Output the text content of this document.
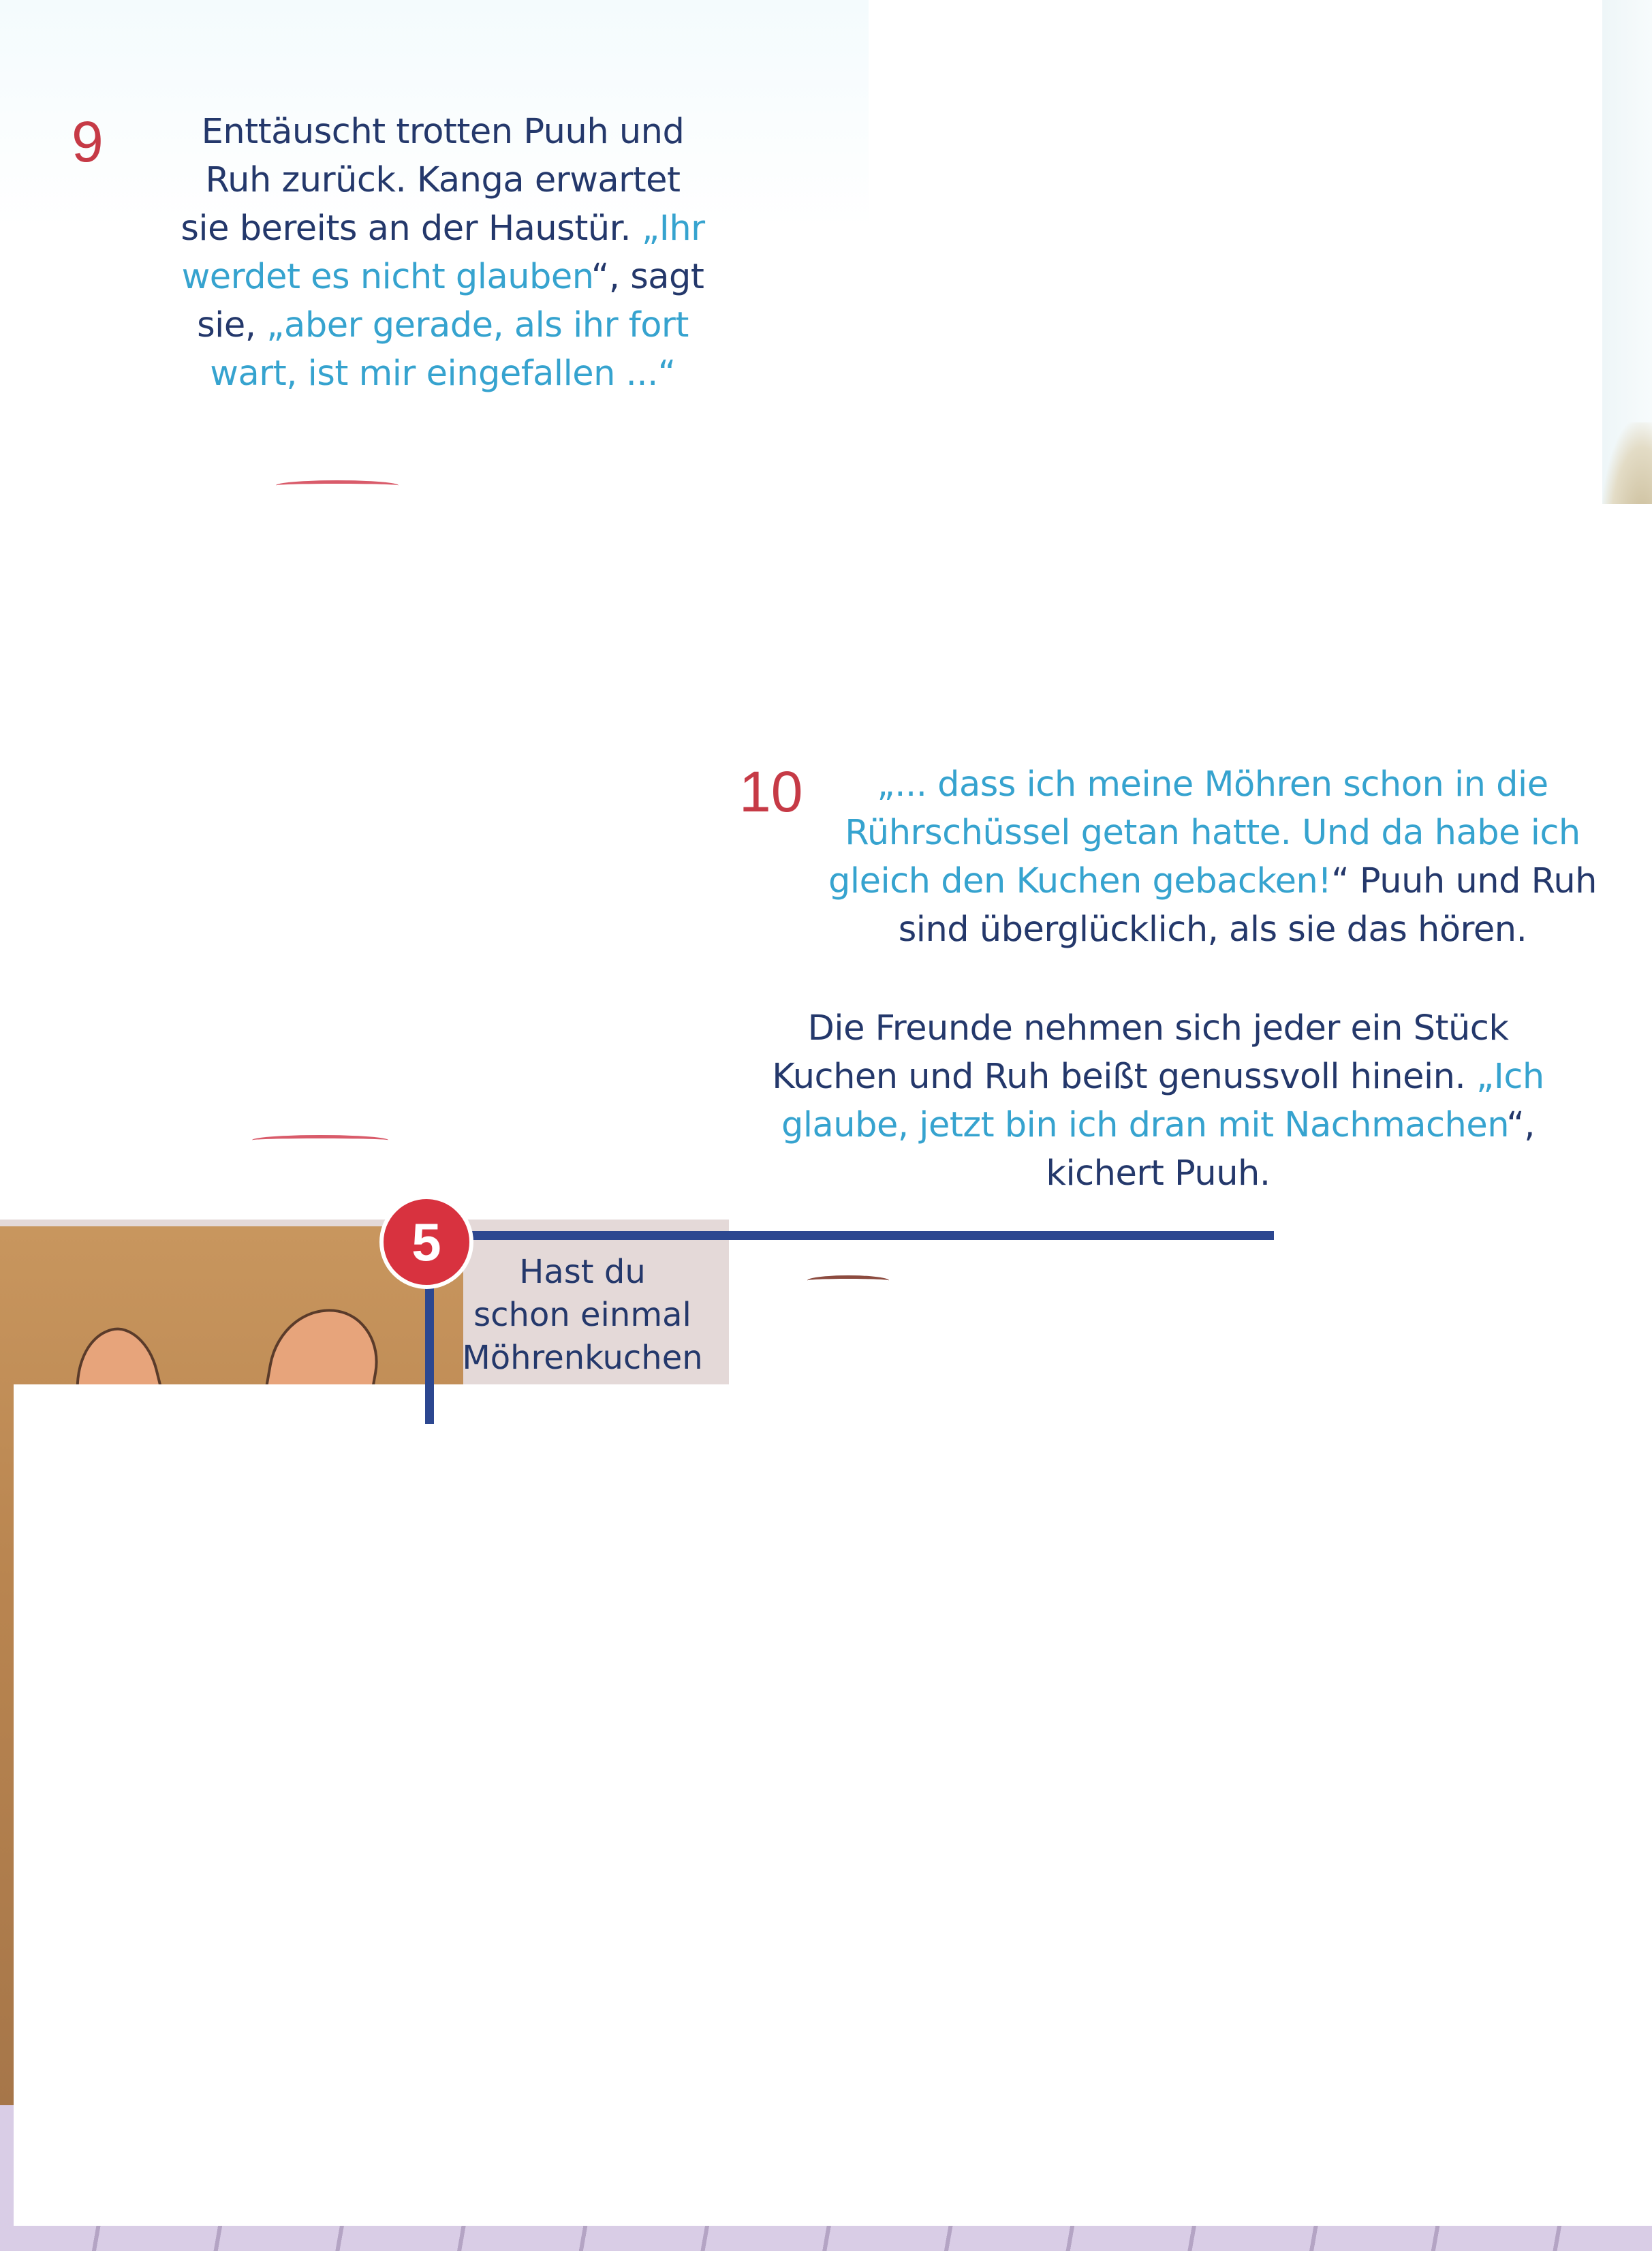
9	Enttäuscht trotten Puuh und
Ruh zurück. Kanga erwartet
sie bereits an der Haustür. „Ihr
werdet es nicht glauben“, sagt
sie, „aber gerade, als ihr fort
wart, ist mir eingefallen ...“

10	„... dass ich meine Möhren schon in die
Rührschüssel getan hatte. Und da habe ich
gleich den Kuchen gebacken!“ Puuh und Ruh
sind überglücklich, als sie das hören.

Die Freunde nehmen sich jeder ein Stück
Kuchen und Ruh beißt genussvoll hinein. „Ich
glaube, jetzt bin ich dran mit Nachmachen“,
kichert Puuh.

5

Hast du
schon einmal
Möhrenkuchen
